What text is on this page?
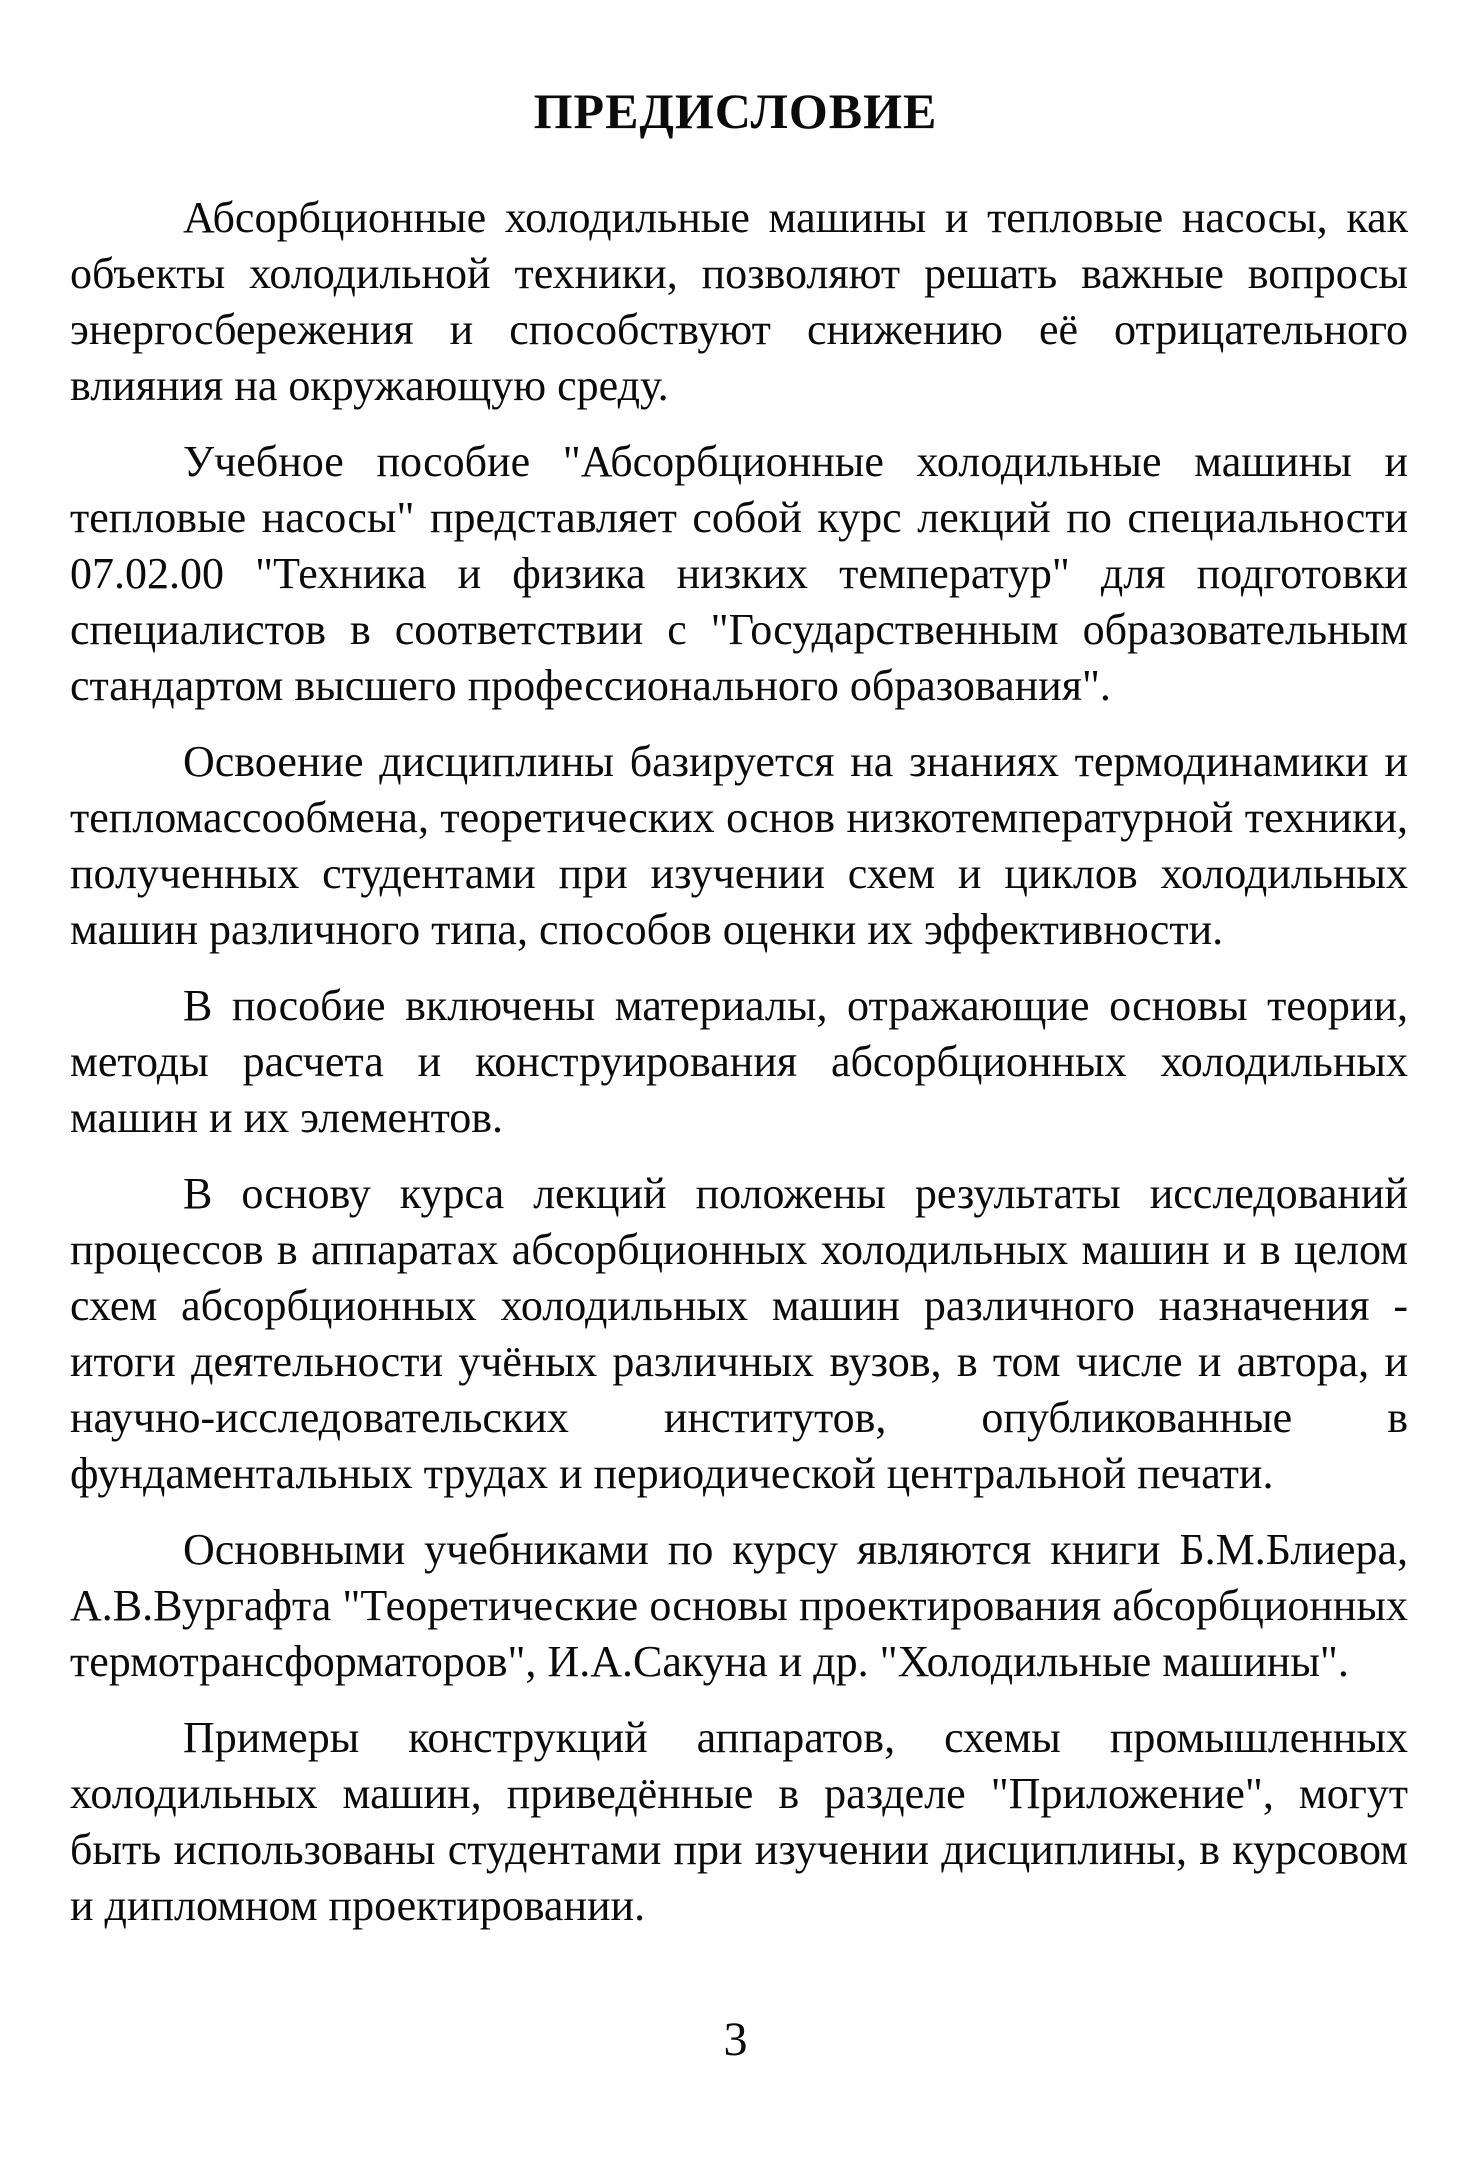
ПРЕДИСЛОВИЕ

Абсорбционные холодильные машины и тепловые насосы, как объекты холодильной техники, позволяют решать важные вопросы энергосбережения и способствуют снижению её отрицательного влияния на окружающую среду.

Учебное пособие "Абсорбционные холодильные машины и тепловые насосы" представляет собой курс лекций по специальности 07.02.00 "Техника и физика низких температур" для подготовки специалистов в соответствии с "Государственным образовательным стандартом высшего профессионального образования".

Освоение дисциплины базируется на знаниях термодинамики и тепломассообмена, теоретических основ низкотемпературной техники, полученных студентами при изучении схем и циклов холодильных машин различного типа, способов оценки их эффективности.

В пособие включены материалы, отражающие основы теории, методы расчета и конструирования абсорбционных холодильных машин и их элементов.

В основу курса лекций положены результаты исследований процессов в аппаратах абсорбционных холодильных машин и в целом схем абсорбционных холодильных машин различного назначения - итоги деятельности учёных различных вузов, в том числе и автора, и научно-исследовательских институтов, опубликованные в фундаментальных трудах и периодической центральной печати.

Основными учебниками по курсу являются книги Б.М.Блиера, А.В.Вургафта "Теоретические основы проектирования абсорбционных термотрансформаторов", И.А.Сакуна и др. "Холодильные машины".

Примеры конструкций аппаратов, схемы промышленных холодильных машин, приведённые в разделе "Приложение", могут быть использованы студентами при изучении дисциплины, в курсовом и дипломном проектировании.

3
